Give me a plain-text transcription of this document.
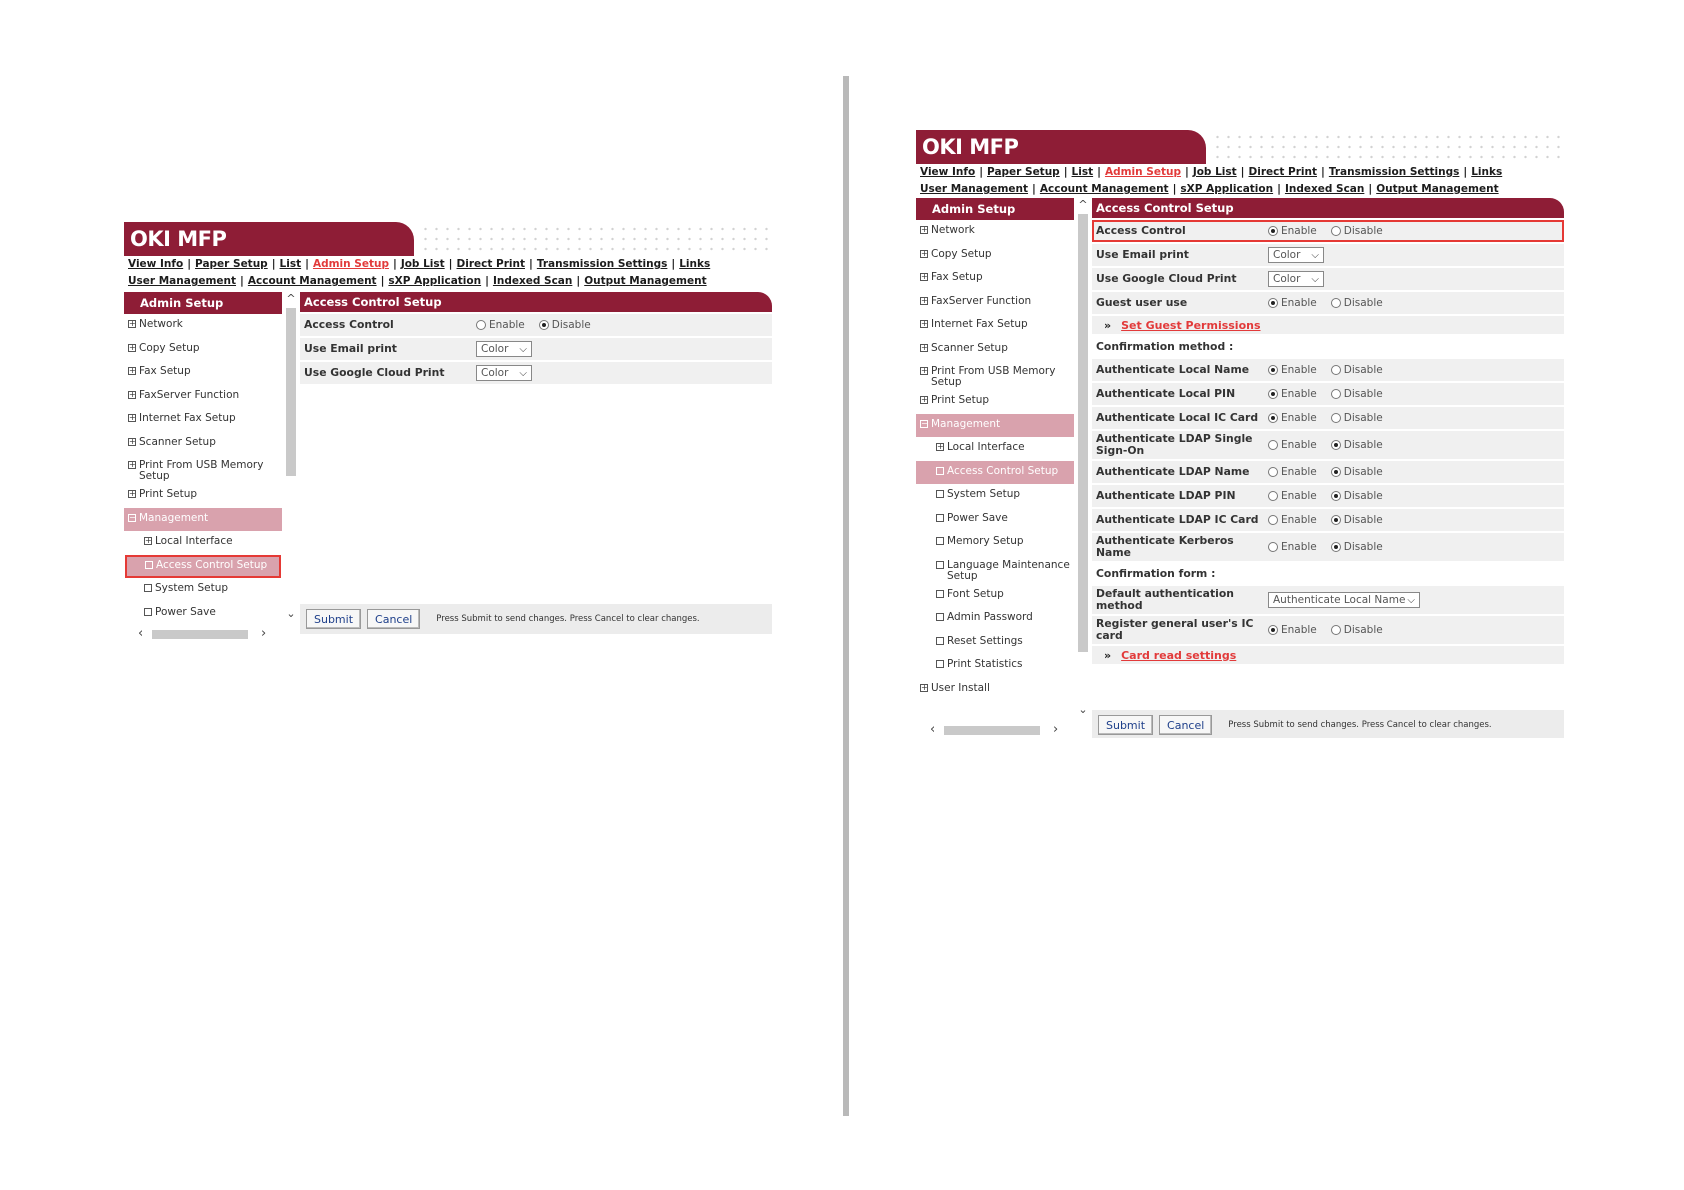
OKI MFP
View Info | Paper Setup | List | Admin Setup | Job List | Direct Print | Transmission Settings | Links
User Management | Account Management | sXP Application | Indexed Scan | Output Management
Admin Setup
+ Network
+ Copy Setup
+ Fax Setup
+ FaxServer Function
+ Internet Fax Setup
+ Scanner Setup
+ Print From USB Memory Setup
+ Print Setup
− Management
+ Local Interface
Access Control Setup
System Setup
Power Save
^
⌄
‹	›
Access Control Setup
Access Control	Enable	Disable
Use Email print	Color ⌵
Use Google Cloud Print	Color ⌵
Submit	Cancel	Press Submit to send changes. Press Cancel to clear changes.
OKI MFP
View Info | Paper Setup | List | Admin Setup | Job List | Direct Print | Transmission Settings | Links
User Management | Account Management | sXP Application | Indexed Scan | Output Management
Admin Setup
+ Network
+ Copy Setup
+ Fax Setup
+ FaxServer Function
+ Internet Fax Setup
+ Scanner Setup
+ Print From USB Memory Setup
+ Print Setup
− Management
+ Local Interface
Access Control Setup
System Setup
Power Save
Memory Setup
Language Maintenance Setup
Font Setup
Admin Password
Reset Settings
Print Statistics
+ User Install
^
⌄
‹	›
Access Control Setup
Access Control	Enable	Disable
Use Email print	Color ⌵
Use Google Cloud Print	Color ⌵
Guest user use	Enable	Disable
» Set Guest Permissions
Confirmation method :
Authenticate Local Name	Enable	Disable
Authenticate Local PIN	Enable	Disable
Authenticate Local IC Card	Enable	Disable
Authenticate LDAP Single Sign-On	Enable	Disable
Authenticate LDAP Name	Enable	Disable
Authenticate LDAP PIN	Enable	Disable
Authenticate LDAP IC Card	Enable	Disable
Authenticate Kerberos Name	Enable	Disable
Confirmation form :
Default authentication method	Authenticate Local Name ⌵
Register general user's IC card	Enable	Disable
» Card read settings
Submit	Cancel	Press Submit to send changes. Press Cancel to clear changes.
